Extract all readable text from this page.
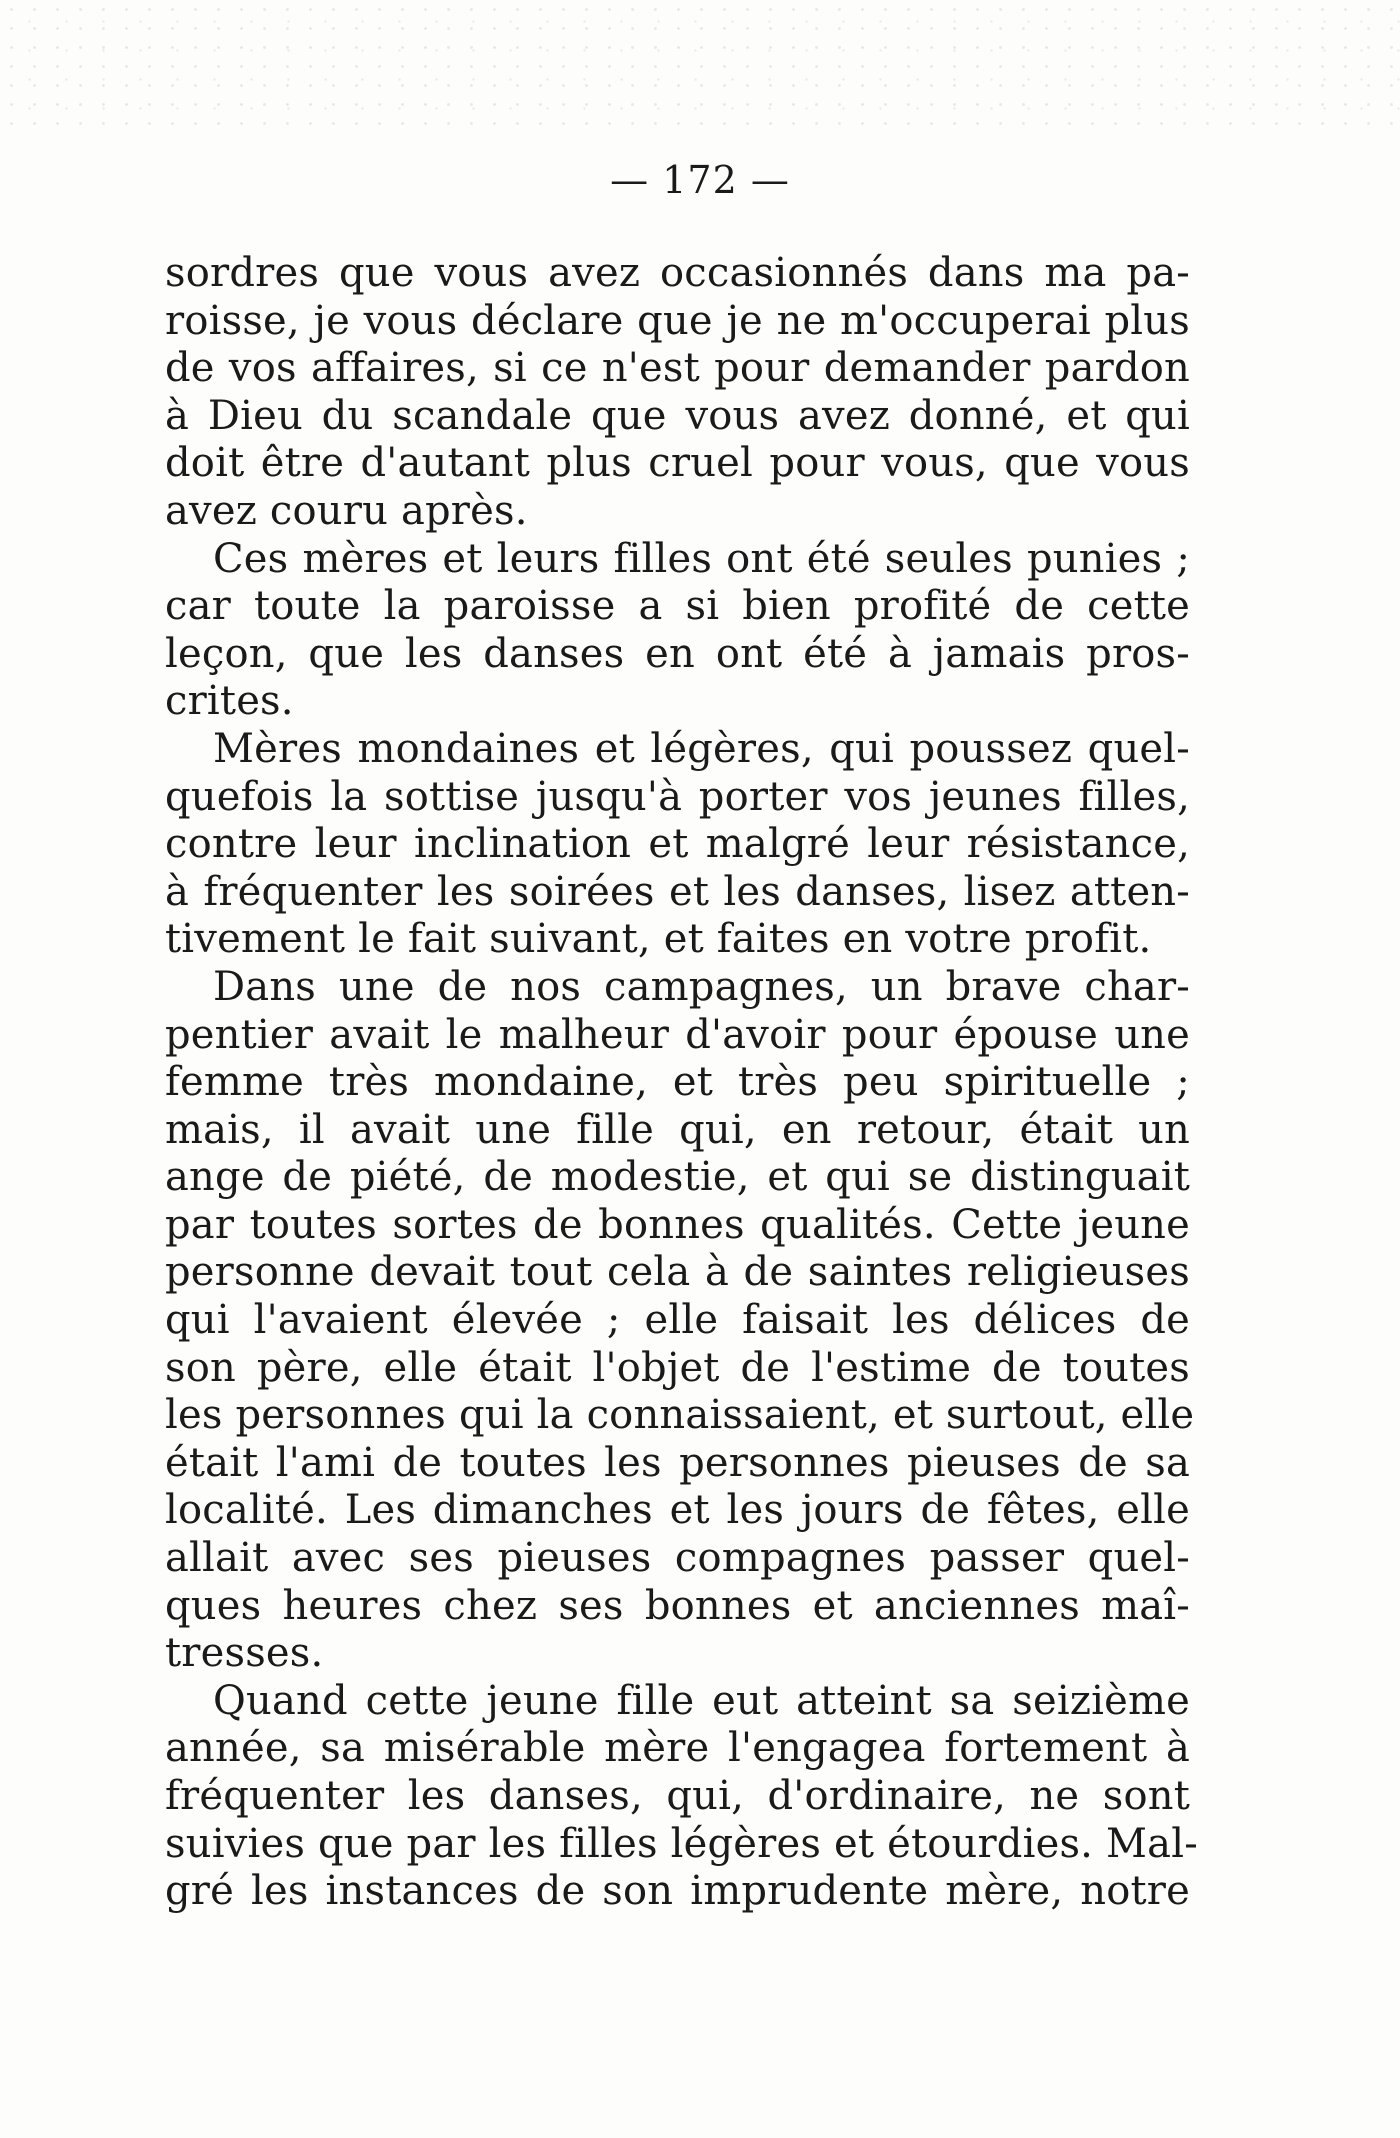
— 172 —
sordres que vous avez occasionnés dans ma pa-
roisse, je vous déclare que je ne m'occuperai plus
de vos affaires, si ce n'est pour demander pardon
à Dieu du scandale que vous avez donné, et qui
doit être d'autant plus cruel pour vous, que vous
avez couru après.
Ces mères et leurs filles ont été seules punies ;
car toute la paroisse a si bien profité de cette
leçon, que les danses en ont été à jamais pros-
crites.
Mères mondaines et légères, qui poussez quel-
quefois la sottise jusqu'à porter vos jeunes filles,
contre leur inclination et malgré leur résistance,
à fréquenter les soirées et les danses, lisez atten-
tivement le fait suivant, et faites en votre profit.
Dans une de nos campagnes, un brave char-
pentier avait le malheur d'avoir pour épouse une
femme très mondaine, et très peu spirituelle ;
mais, il avait une fille qui, en retour, était un
ange de piété, de modestie, et qui se distinguait
par toutes sortes de bonnes qualités. Cette jeune
personne devait tout cela à de saintes religieuses
qui l'avaient élevée ; elle faisait les délices de
son père, elle était l'objet de l'estime de toutes
les personnes qui la connaissaient, et surtout, elle
était l'ami de toutes les personnes pieuses de sa
localité. Les dimanches et les jours de fêtes, elle
allait avec ses pieuses compagnes passer quel-
ques heures chez ses bonnes et anciennes maî-
tresses.
Quand cette jeune fille eut atteint sa seizième
année, sa misérable mère l'engagea fortement à
fréquenter les danses, qui, d'ordinaire, ne sont
suivies que par les filles légères et étourdies. Mal-
gré les instances de son imprudente mère, notre
